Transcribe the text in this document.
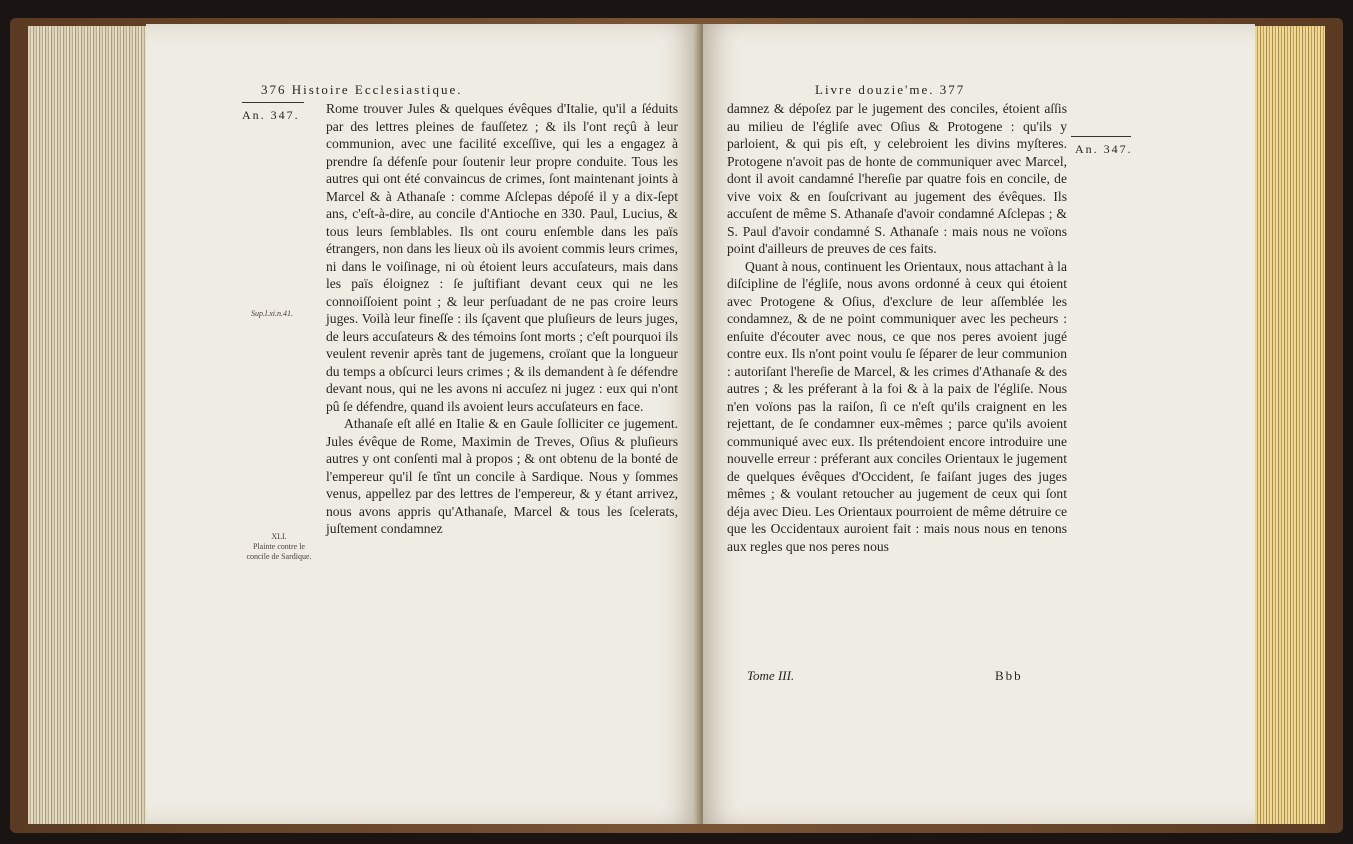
376 Histoire Ecclesiastique.
An. 347.
Sup.l.xi.n.41.
XLI.
Plainte contre le concile de Sardique.

Rome trouver Jules & quelques évêques d'Italie, qu'il a ſéduits par des lettres pleines de fauſſetez ; & ils l'ont reçû à leur communion, avec une facilité exceſſive, qui les a engagez à prendre ſa défenſe pour ſoutenir leur propre conduite. Tous les autres qui ont été convaincus de crimes, ſont maintenant joints à Marcel & à Athanaſe : comme Aſclepas dépoſé il y a dix-ſept ans, c'eſt-à-dire, au concile d'Antioche en 330. Paul, Lucius, & tous leurs ſemblables. Ils ont couru enſemble dans les païs étrangers, non dans les lieux où ils avoient commis leurs crimes, ni dans le voiſinage, ni où étoient leurs accuſateurs, mais dans les païs éloignez : ſe juſtifiant devant ceux qui ne les connoiſſoient point ; & leur perſuadant de ne pas croire leurs juges. Voilà leur fineſſe : ils ſçavent que pluſieurs de leurs juges, de leurs accuſateurs & des témoins ſont morts ; c'eſt pourquoi ils veulent revenir après tant de jugemens, croïant que la longueur du temps a obſcurci leurs crimes ; & ils demandent à ſe défendre devant nous, qui ne les avons ni accuſez ni jugez : eux qui n'ont pû ſe défendre, quand ils avoient leurs accuſateurs en face.

Athanaſe eſt allé en Italie & en Gaule ſolliciter ce jugement. Jules évêque de Rome, Maximin de Treves, Oſius & pluſieurs autres y ont conſenti mal à propos ; & ont obtenu de la bonté de l'empereur qu'il ſe tînt un concile à Sardique. Nous y ſommes venus, appellez par des lettres de l'empereur, & y étant arrivez, nous avons appris qu'Athanaſe, Marcel & tous les ſcelerats, juſtement condamnez

Livre douzie'me. 377
An. 347.

damnez & dépoſez par le jugement des conciles, étoient aſſis au milieu de l'égliſe avec Oſius & Protogene : qu'ils y parloient, & qui pis eſt, y celebroient les divins myſteres. Protogene n'avoit pas de honte de communiquer avec Marcel, dont il avoit candamné l'hereſie par quatre fois en concile, de vive voix & en ſouſcrivant au jugement des évêques. Ils accuſent de même S. Athanaſe d'avoir condamné Aſclepas ; & S. Paul d'avoir condamné S. Athanaſe : mais nous ne voïons point d'ailleurs de preuves de ces faits.

Quant à nous, continuent les Orientaux, nous attachant à la diſcipline de l'égliſe, nous avons ordonné à ceux qui étoient avec Protogene & Oſius, d'exclure de leur aſſemblée les condamnez, & de ne point communiquer avec les pecheurs : enſuite d'écouter avec nous, ce que nos peres avoient jugé contre eux. Ils n'ont point voulu ſe ſéparer de leur communion : autoriſant l'hereſie de Marcel, & les crimes d'Athanaſe & des autres ; & les préferant à la foi & à la paix de l'égliſe. Nous n'en voïons pas la raiſon, ſi ce n'eſt qu'ils craignent en les rejettant, de ſe condamner eux-mêmes ; parce qu'ils avoient communiqué avec eux. Ils prétendoient encore introduire une nouvelle erreur : préferant aux conciles Orientaux le jugement de quelques évêques d'Occident, ſe faiſant juges des juges mêmes ; & voulant retoucher au jugement de ceux qui ſont déja avec Dieu. Les Orientaux pourroient de même détruire ce que les Occidentaux auroient fait : mais nous nous en tenons aux regles que nos peres nous

Tome III.	Bbb
